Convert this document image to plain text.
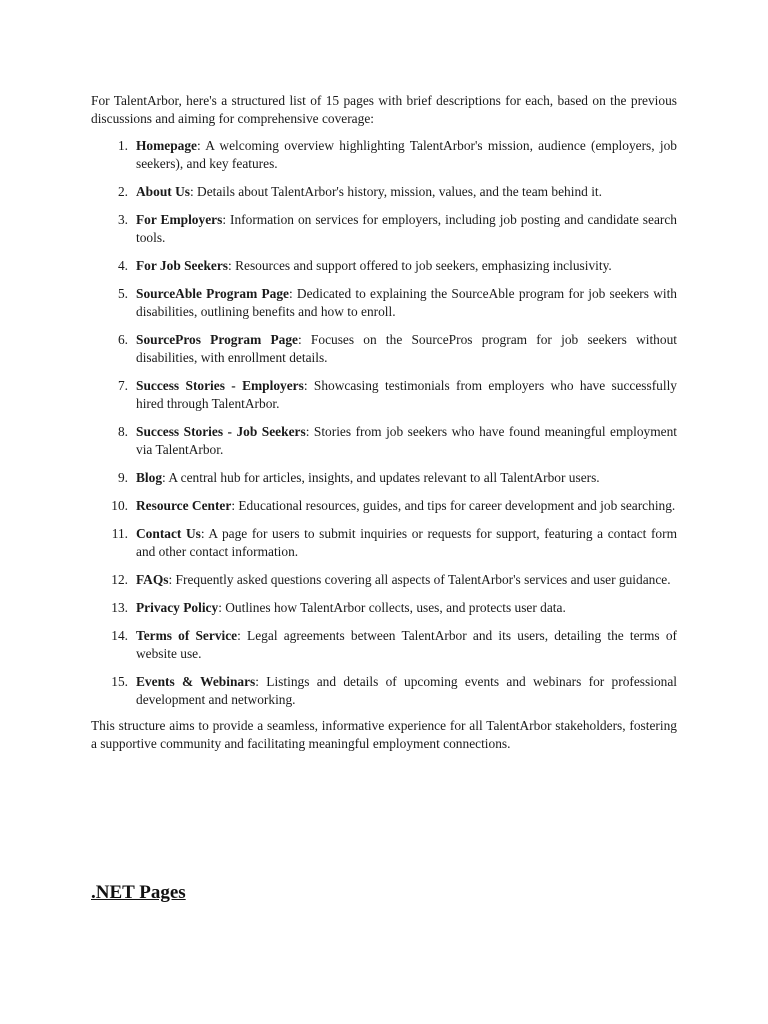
For TalentArbor, here's a structured list of 15 pages with brief descriptions for each, based on the previous discussions and aiming for comprehensive coverage:

1. Homepage: A welcoming overview highlighting TalentArbor's mission, audience (employers, job seekers), and key features.
2. About Us: Details about TalentArbor's history, mission, values, and the team behind it.
3. For Employers: Information on services for employers, including job posting and candidate search tools.
4. For Job Seekers: Resources and support offered to job seekers, emphasizing inclusivity.
5. SourceAble Program Page: Dedicated to explaining the SourceAble program for job seekers with disabilities, outlining benefits and how to enroll.
6. SourcePros Program Page: Focuses on the SourcePros program for job seekers without disabilities, with enrollment details.
7. Success Stories - Employers: Showcasing testimonials from employers who have successfully hired through TalentArbor.
8. Success Stories - Job Seekers: Stories from job seekers who have found meaningful employment via TalentArbor.
9. Blog: A central hub for articles, insights, and updates relevant to all TalentArbor users.
10. Resource Center: Educational resources, guides, and tips for career development and job searching.
11. Contact Us: A page for users to submit inquiries or requests for support, featuring a contact form and other contact information.
12. FAQs: Frequently asked questions covering all aspects of TalentArbor's services and user guidance.
13. Privacy Policy: Outlines how TalentArbor collects, uses, and protects user data.
14. Terms of Service: Legal agreements between TalentArbor and its users, detailing the terms of website use.
15. Events & Webinars: Listings and details of upcoming events and webinars for professional development and networking.

This structure aims to provide a seamless, informative experience for all TalentArbor stakeholders, fostering a supportive community and facilitating meaningful employment connections.

.NET Pages
